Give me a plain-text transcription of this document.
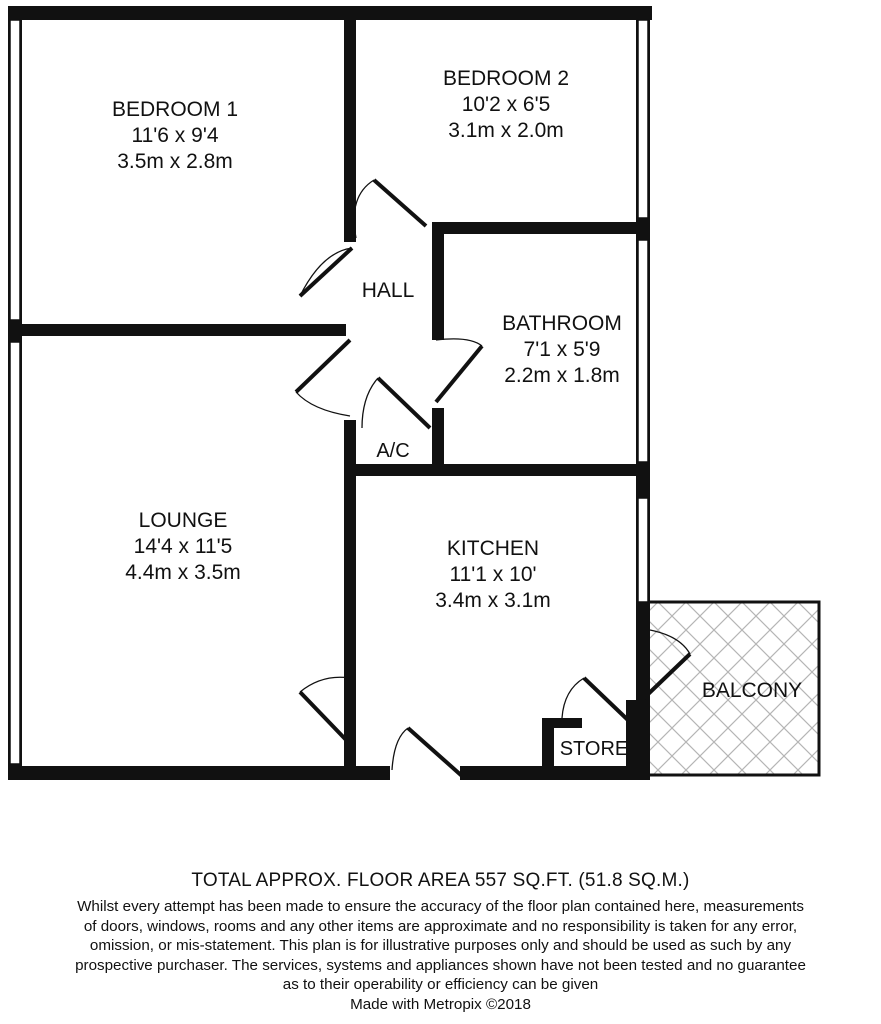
BEDROOM 1
11'6 x 9'4
3.5m x 2.8m
BEDROOM 2
10'2 x 6'5
3.1m x 2.0m
HALL
BATHROOM
7'1 x 5'9
2.2m x 1.8m
A/C
LOUNGE
14'4 x 11'5
4.4m x 3.5m
KITCHEN
11'1 x 10'
3.4m x 3.1m
STORE
BALCONY
TOTAL APPROX. FLOOR AREA 557 SQ.FT. (51.8 SQ.M.)
Whilst every attempt has been made to ensure the accuracy of the floor plan contained here, measurements
of doors, windows, rooms and any other items are approximate and no responsibility is taken for any error,
omission, or mis-statement. This plan is for illustrative purposes only and should be used as such by any
prospective purchaser. The services, systems and appliances shown have not been tested and no guarantee
as to their operability or efficiency can be given
Made with Metropix ©2018
